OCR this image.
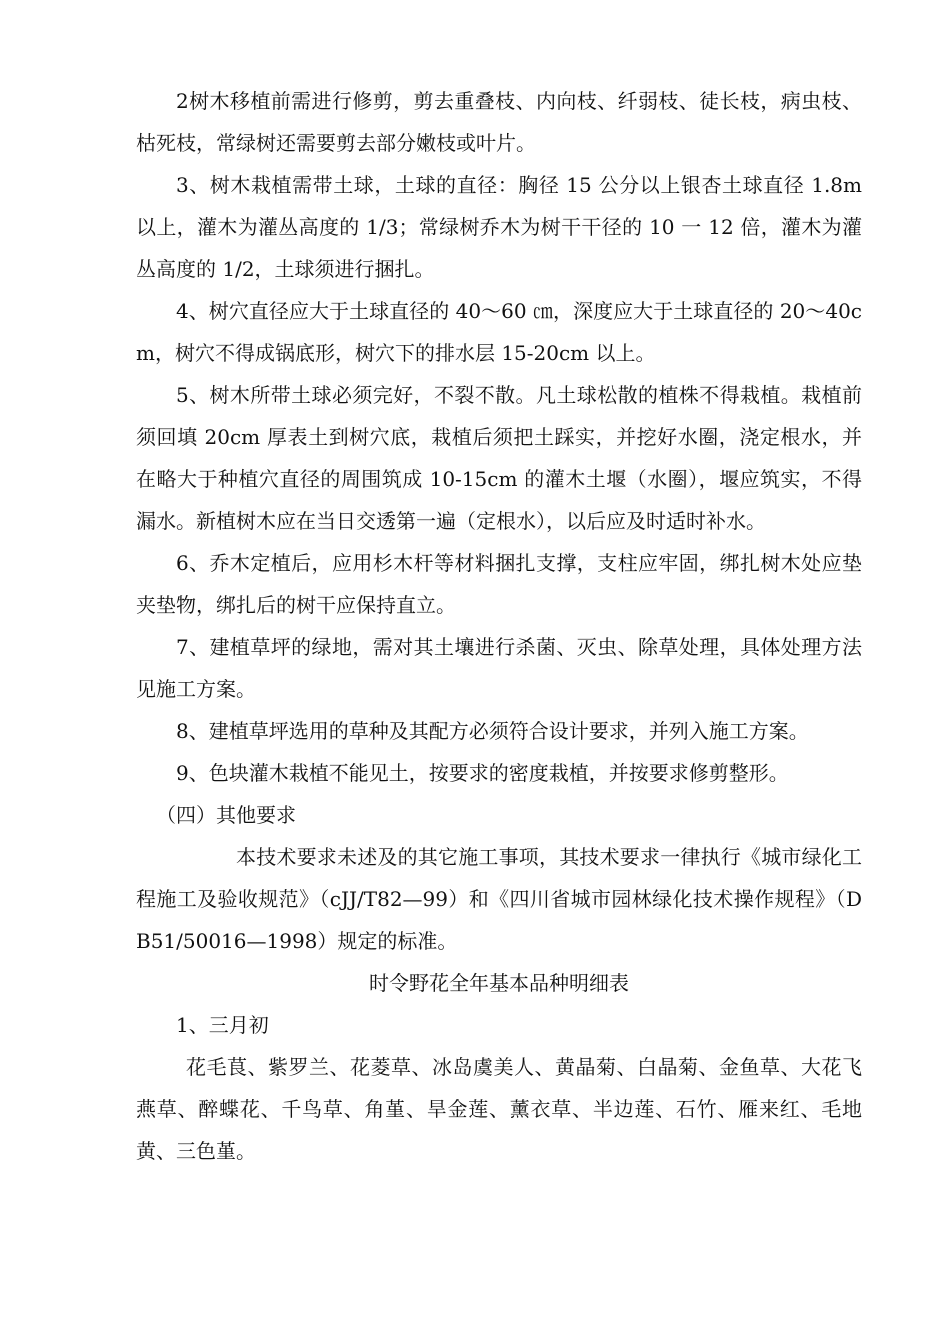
2树木移植前需进行修剪，剪去重叠枝、内向枝、纤弱枝、徒长枝，病虫枝、枯死枝，常绿树还需要剪去部分嫩枝或叶片。

3、树木栽植需带土球，土球的直径：胸径 15 公分以上银杏土球直径 1.8m 以上，灌木为灌丛高度的 1/3；常绿树乔木为树干干径的 10 一 12 倍，灌木为灌丛高度的 1/2，土球须进行捆扎。

4、树穴直径应大于土球直径的 40～60 ㎝，深度应大于土球直径的 20～40cm，树穴不得成锅底形，树穴下的排水层 15-20cm 以上。

5、树木所带土球必须完好，不裂不散。凡土球松散的植株不得栽植。栽植前须回填 20cm 厚表土到树穴底，栽植后须把土踩实，并挖好水圈，浇定根水，并在略大于种植穴直径的周围筑成 10-15cm 的灌木土堰（水圈），堰应筑实，不得漏水。新植树木应在当日交透第一遍（定根水），以后应及时适时补水。

6、乔木定植后，应用杉木杆等材料捆扎支撑，支柱应牢固，绑扎树木处应垫夹垫物，绑扎后的树干应保持直立。

7、建植草坪的绿地，需对其土壤进行杀菌、灭虫、除草处理，具体处理方法见施工方案。

8、建植草坪选用的草种及其配方必须符合设计要求，并列入施工方案。

9、色块灌木栽植不能见土，按要求的密度栽植，并按要求修剪整形。

（四）其他要求

本技术要求未述及的其它施工事项，其技术要求一律执行《城市绿化工程施工及验收规范》（cJJ/T82—99）和《四川省城市园林绿化技术操作规程》（DB51/50016—1998）规定的标准。

时令野花全年基本品种明细表

1、三月初

花毛茛、紫罗兰、花菱草、冰岛虞美人、黄晶菊、白晶菊、金鱼草、大花飞燕草、醉蝶花、千鸟草、角堇、旱金莲、薰衣草、半边莲、石竹、雁来红、毛地黄、三色堇。
